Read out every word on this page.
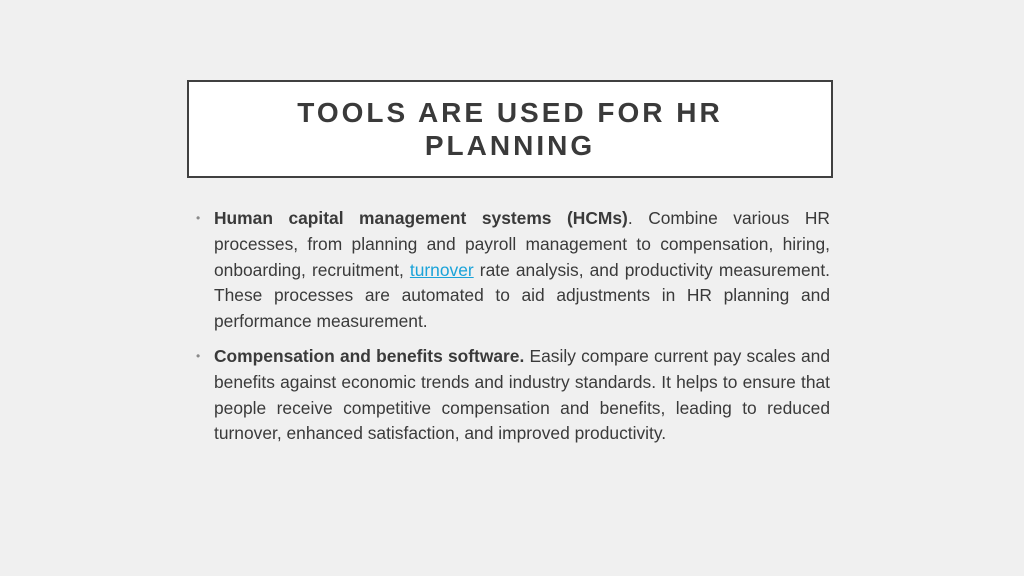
TOOLS ARE USED FOR HR PLANNING

• Human capital management systems (HCMs). Combine various HR processes, from planning and payroll management to compensation, hiring, onboarding, recruitment, turnover rate analysis, and productivity measurement. These processes are automated to aid adjustments in HR planning and performance measurement.

• Compensation and benefits software. Easily compare current pay scales and benefits against economic trends and industry standards. It helps to ensure that people receive competitive compensation and benefits, leading to reduced turnover, enhanced satisfaction, and improved productivity.
